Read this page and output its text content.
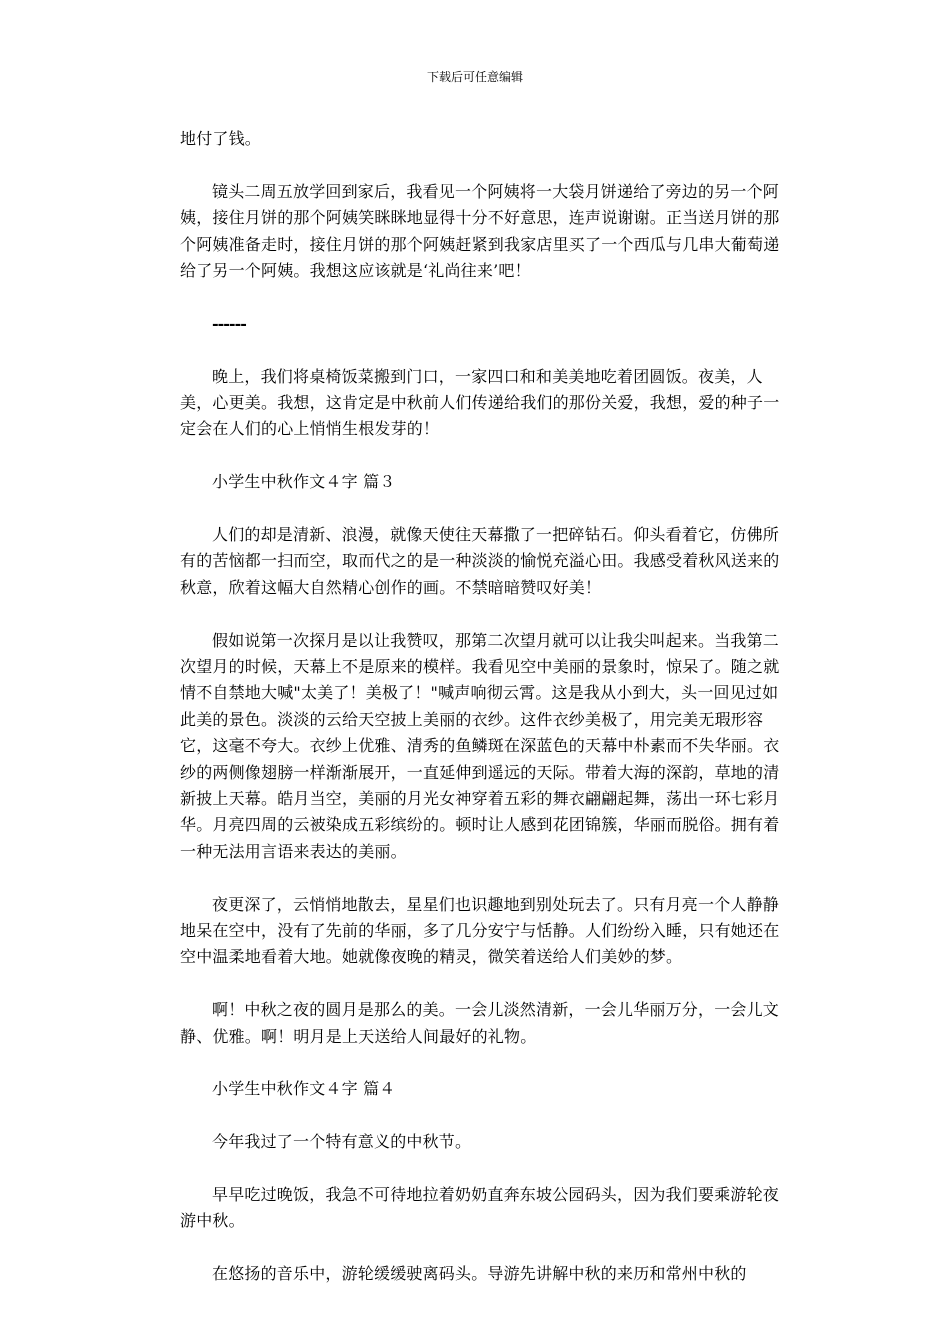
下载后可任意编辑

地付了钱。

镜头二周五放学回到家后，我看见一个阿姨将一大袋月饼递给了旁边的另一个阿姨，接住月饼的那个阿姨笑眯眯地显得十分不好意思，连声说谢谢。正当送月饼的那个阿姨准备走时，接住月饼的那个阿姨赶紧到我家店里买了一个西瓜与几串大葡萄递给了另一个阿姨。我想这应该就是‘礼尚往来’吧！

------

晚上，我们将桌椅饭菜搬到门口，一家四口和和美美地吃着团圆饭。夜美，人美，心更美。我想，这肯定是中秋前人们传递给我们的那份关爱，我想，爱的种子一定会在人们的心上悄悄生根发芽的！

小学生中秋作文４字 篇３

人们的却是清新、浪漫，就像天使往天幕撒了一把碎钻石。仰头看着它，仿佛所有的苦恼都一扫而空，取而代之的是一种淡淡的愉悦充溢心田。我感受着秋风送来的秋意，欣着这幅大自然精心创作的画。不禁暗暗赞叹好美！

假如说第一次探月是以让我赞叹，那第二次望月就可以让我尖叫起来。当我第二次望月的时候，天幕上不是原来的模样。我看见空中美丽的景象时，惊呆了。随之就情不自禁地大喊"太美了！美极了！"喊声响彻云霄。这是我从小到大，头一回见过如此美的景色。淡淡的云给天空披上美丽的衣纱。这件衣纱美极了，用完美无瑕形容它，这毫不夸大。衣纱上优雅、清秀的鱼鳞斑在深蓝色的天幕中朴素而不失华丽。衣纱的两侧像翅膀一样渐渐展开，一直延伸到遥远的天际。带着大海的深韵，草地的清新披上天幕。皓月当空，美丽的月光女神穿着五彩的舞衣翩翩起舞，荡出一环七彩月华。月亮四周的云被染成五彩缤纷的。顿时让人感到花团锦簇，华丽而脱俗。拥有着一种无法用言语来表达的美丽。

夜更深了，云悄悄地散去，星星们也识趣地到别处玩去了。只有月亮一个人静静地呆在空中，没有了先前的华丽，多了几分安宁与恬静。人们纷纷入睡，只有她还在空中温柔地看着大地。她就像夜晚的精灵，微笑着送给人们美妙的梦。

啊！中秋之夜的圆月是那么的美。一会儿淡然清新，一会儿华丽万分，一会儿文静、优雅。啊！明月是上天送给人间最好的礼物。

小学生中秋作文４字 篇４

今年我过了一个特有意义的中秋节。

早早吃过晚饭，我急不可待地拉着奶奶直奔东坡公园码头，因为我们要乘游轮夜游中秋。

在悠扬的音乐中，游轮缓缓驶离码头。导游先讲解中秋的来历和常州中秋的
